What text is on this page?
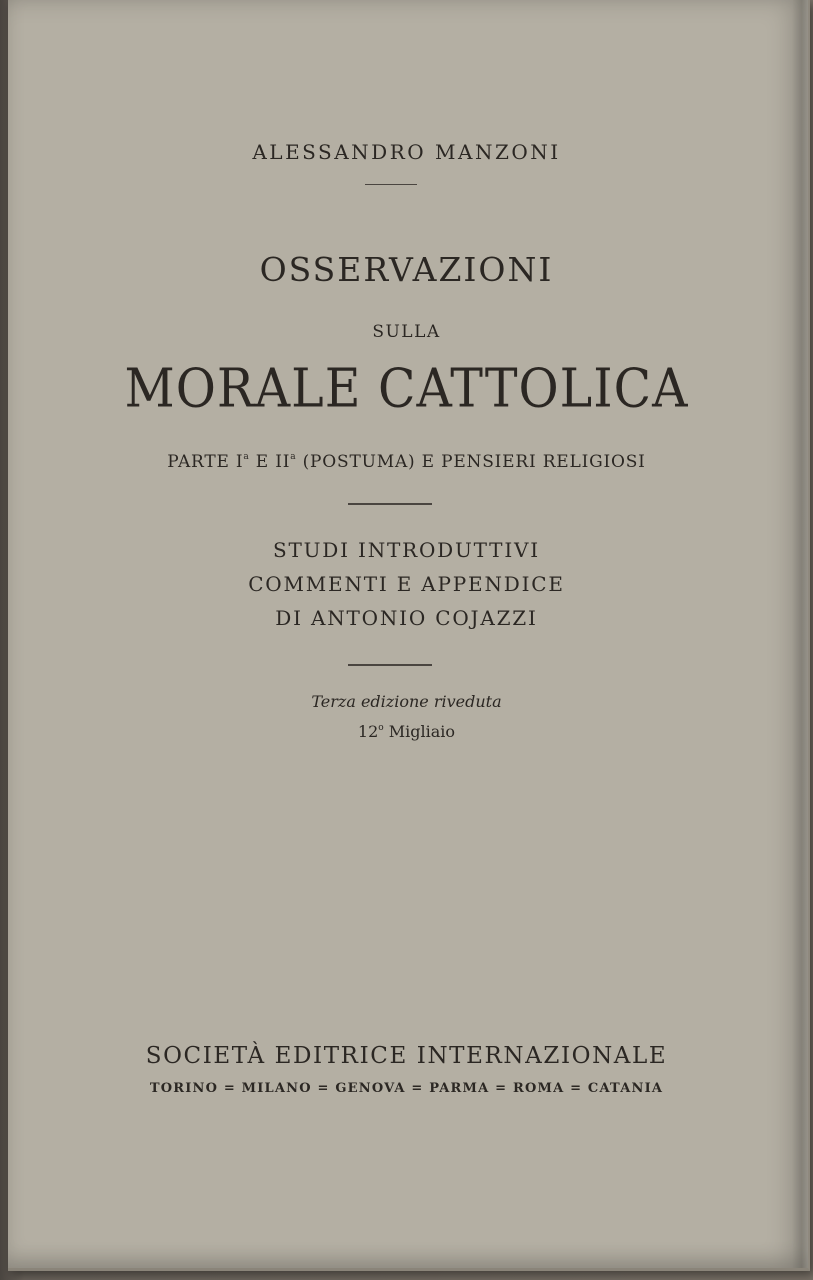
ALESSANDRO MANZONI

OSSERVAZIONI

SULLA

MORALE CATTOLICA

PARTE $I^a$ E $II^a$ (POSTUMA) E PENSIERI RELIGIOSI

STUDI INTRODUTTIVI

COMMENTI E APPENDICE

DI ANTONIO COJAZZI

Terza edizione riveduta

12$^o$ Migliaio

SOCIETÀ EDITRICE INTERNAZIONALE

TORINO = MILANO = GENOVA = PARMA = ROMA = CATANIA
